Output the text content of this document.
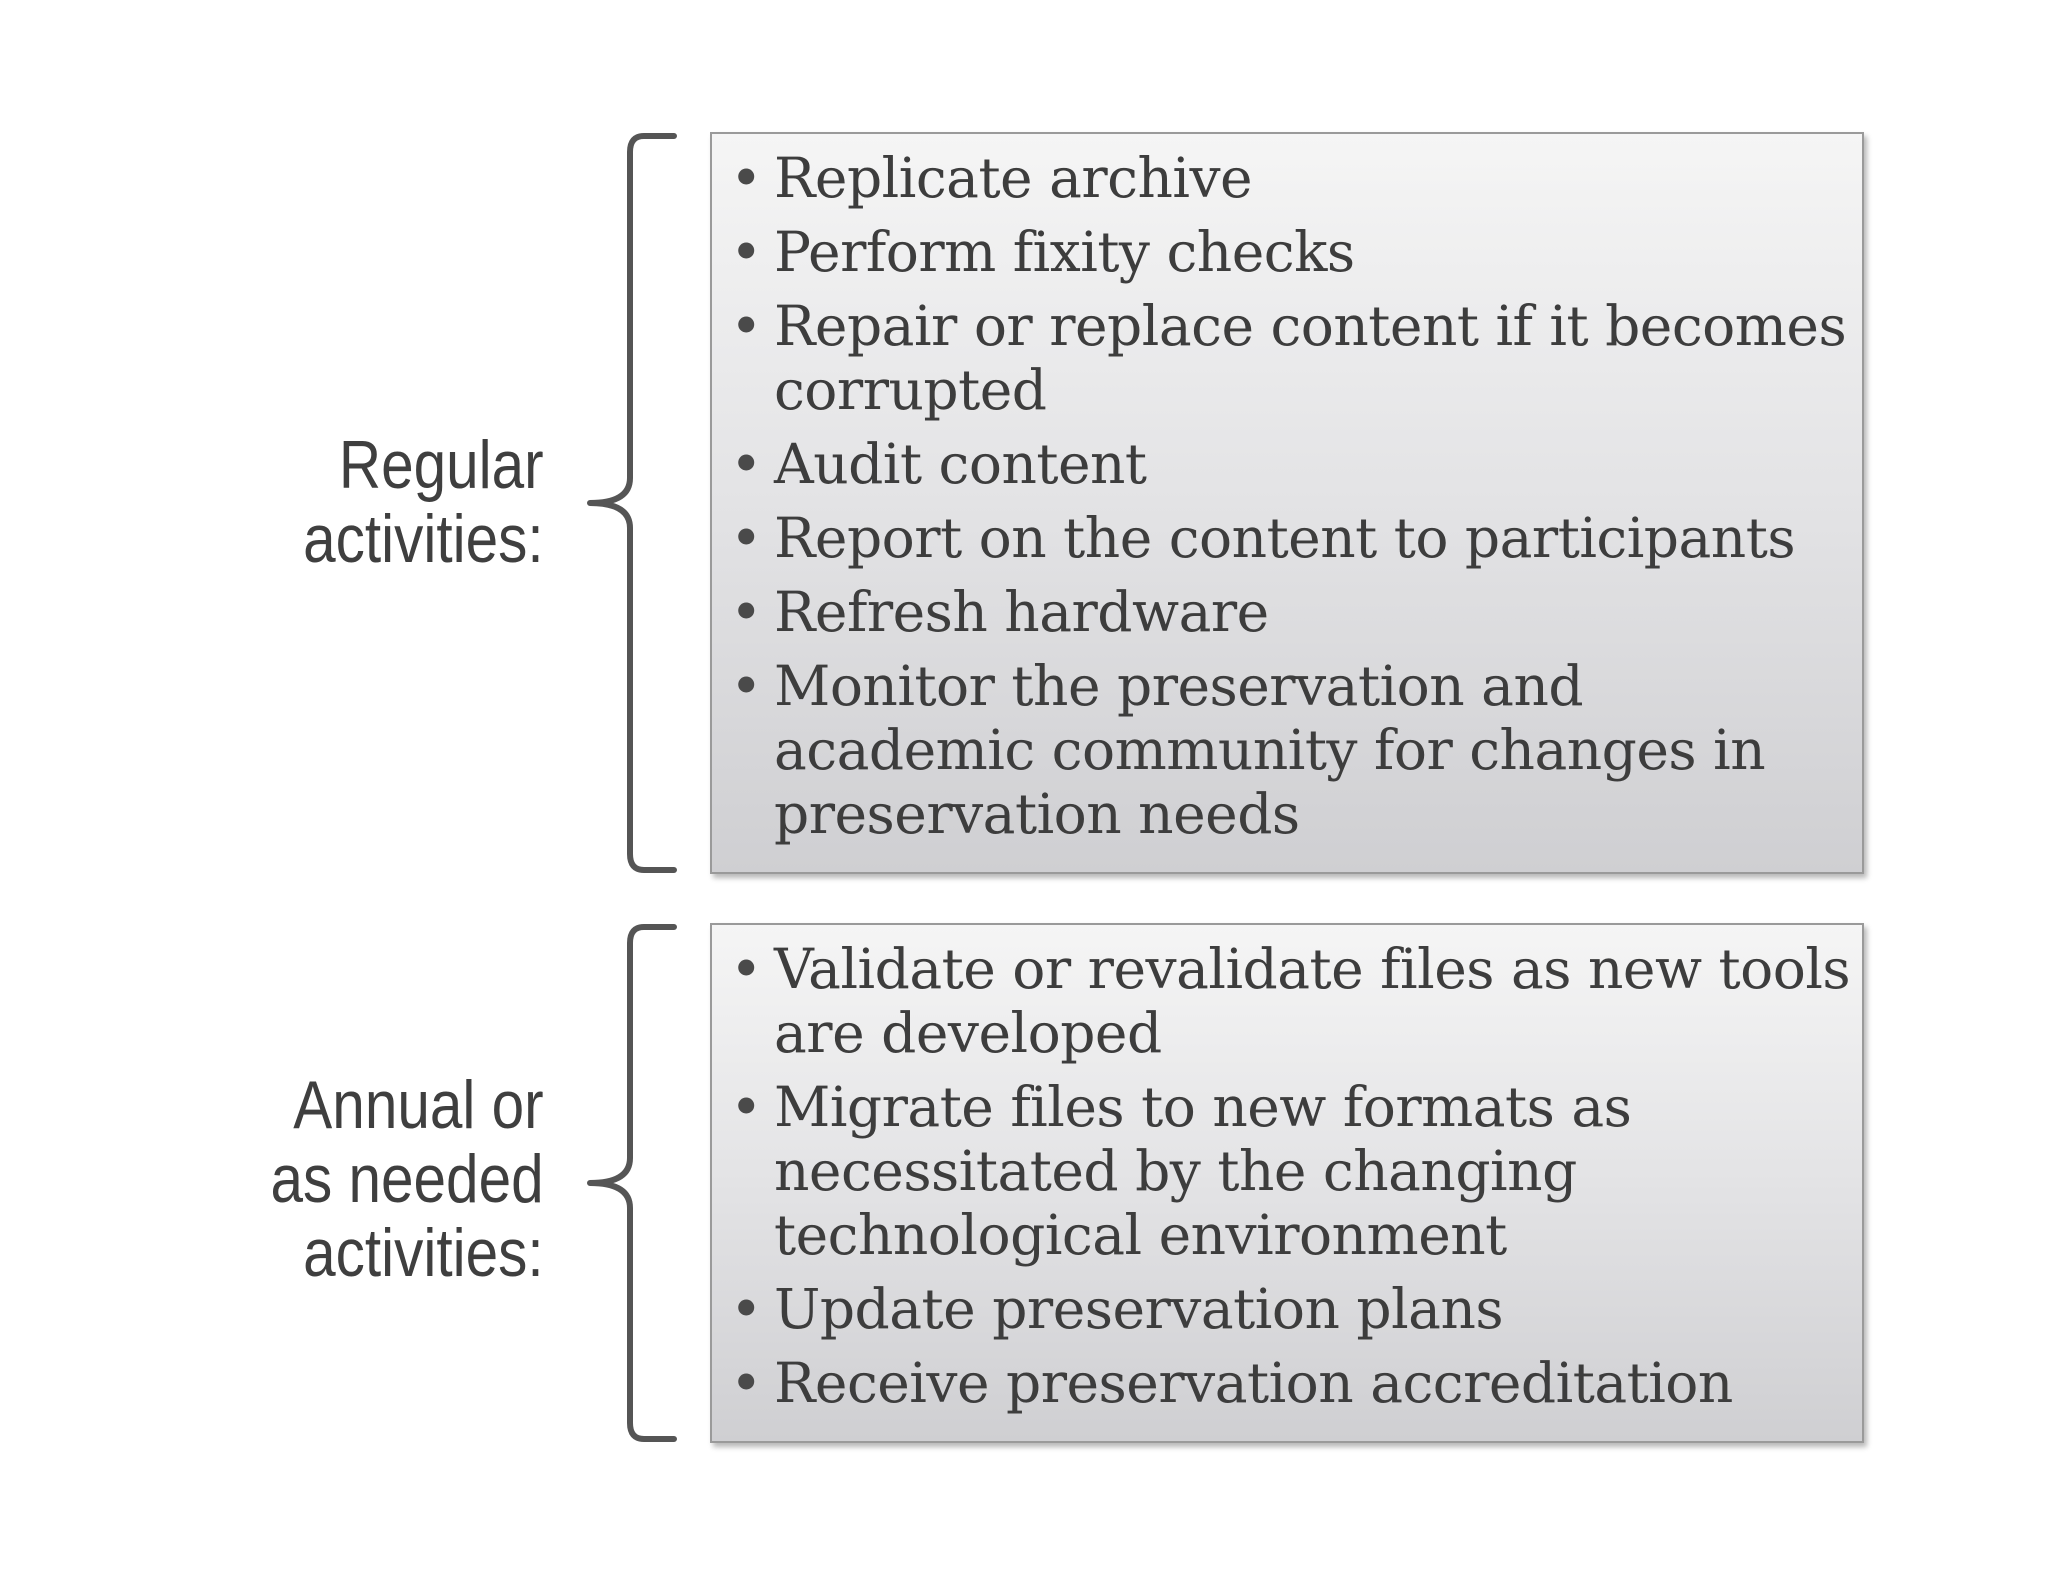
Regular
activities:
• Replicate archive
• Perform fixity checks
• Repair or replace content if it becomes corrupted
• Audit content
• Report on the content to participants
• Refresh hardware
• Monitor the preservation and academic community for changes in preservation needs
Annual or
as needed
activities:
• Validate or revalidate files as new tools are developed
• Migrate files to new formats as necessitated by the changing technological environment
• Update preservation plans
• Receive preservation accreditation
